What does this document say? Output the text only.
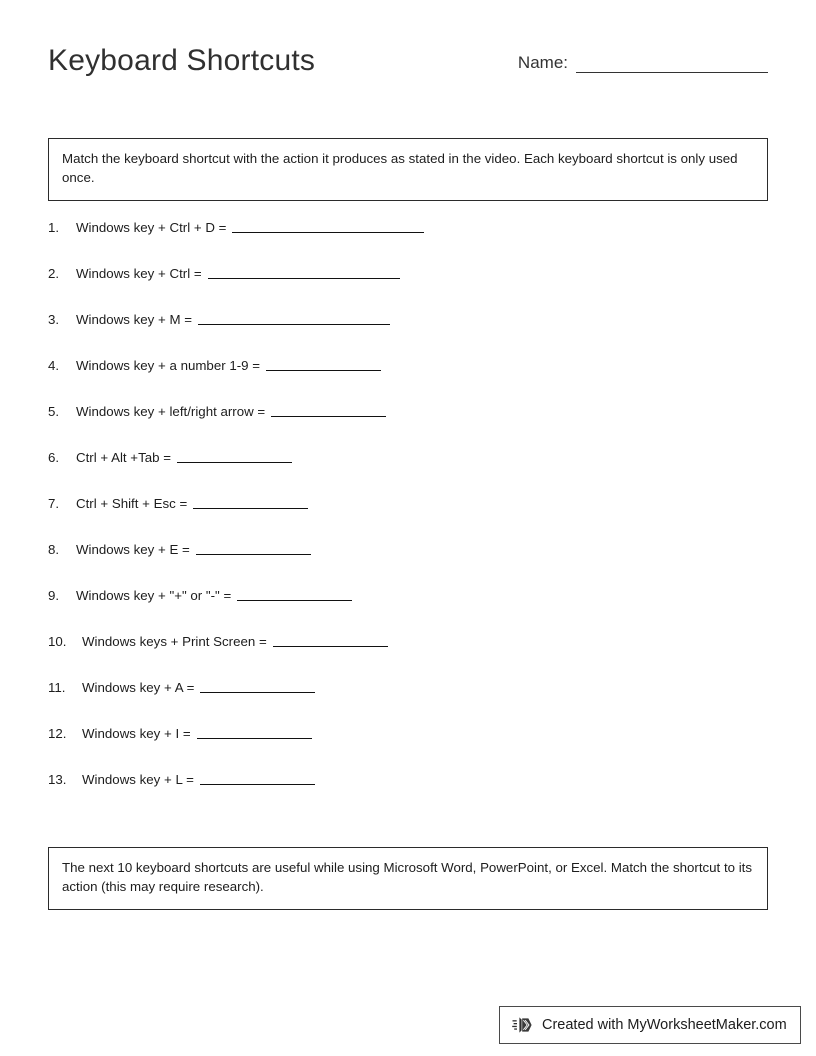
Keyboard Shortcuts	Name:
Match the keyboard shortcut with the action it produces as stated in the video. Each keyboard shortcut is only used once.
1.	Windows key + Ctrl + D =
2.	Windows key + Ctrl =
3.	Windows key + M =
4.	Windows key + a number 1-9 =
5.	Windows key + left/right arrow =
6.	Ctrl + Alt +Tab =
7.	Ctrl + Shift + Esc =
8.	Windows key + E =
9.	Windows key + "+" or "-" =
10.	Windows keys + Print Screen =
11.	Windows key + A =
12.	Windows key + I =
13.	Windows key + L =
The next 10 keyboard shortcuts are useful while using Microsoft Word, PowerPoint, or Excel. Match the shortcut to its action (this may require research).
Created with MyWorksheetMaker.com
